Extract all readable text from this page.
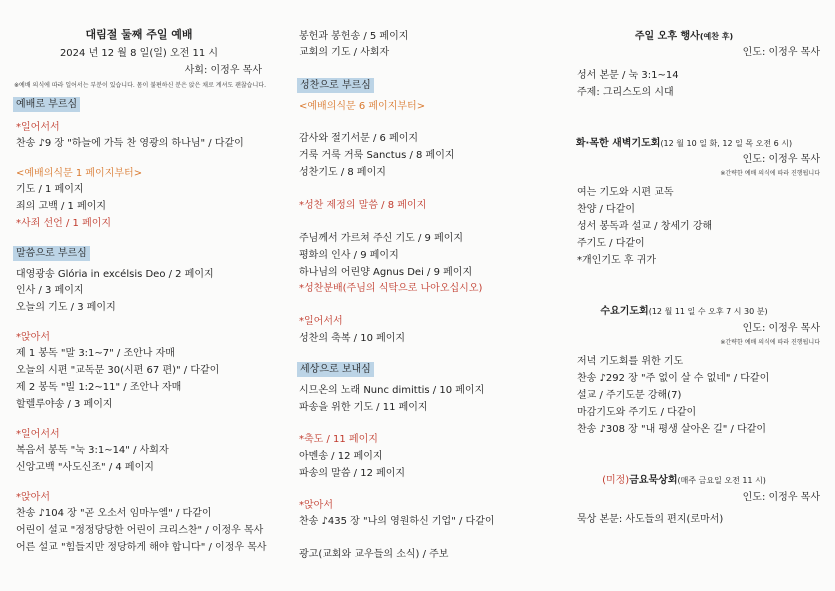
대림절 둘째 주일 예배
2024 년 12 월 8 일(일) 오전 11 시
사회: 이정우 목사
※예배 의식에 따라 일어서는 부분이 있습니다. 몸이 불편하신 분은 앉은 채로 계셔도 괜찮습니다.
예배로 부르심
*일어서서
찬송 ♪9 장 "하늘에 가득 찬 영광의 하나님" / 다같이
<예배의식문 1 페이지부터>
기도 / 1 페이지
죄의 고백 / 1 페이지
*사죄 선언 / 1 페이지
말씀으로 부르심
대영광송 Glória in excélsis Deo / 2 페이지
인사 / 3 페이지
오늘의 기도 / 3 페이지
*앉아서
제 1 봉독 "말 3:1~7" / 조안나 자매
오늘의 시편 "교독문 30(시편 67 편)" / 다같이
제 2 봉독 "빌 1:2~11" / 조안나 자매
할렐루야송 / 3 페이지
*일어서서
복음서 봉독 "눅 3:1~14" / 사회자
신앙고백 "사도신조" / 4 페이지
*앉아서
찬송 ♪104 장 "곧 오소서 임마누엘" / 다같이
어린이 설교 "정정당당한 어린이 크리스찬" / 이정우 목사
어른 설교 "힘들지만 정당하게 해야 합니다" / 이정우 목사
봉헌과 봉헌송 / 5 페이지
교회의 기도 / 사회자
성찬으로 부르심
<예배의식문 6 페이지부터>
감사와 절기서문 / 6 페이지
거룩 거룩 거룩 Sanctus / 8 페이지
성찬기도 / 8 페이지
*성찬 제정의 말씀 / 8 페이지
주님께서 가르쳐 주신 기도 / 9 페이지
평화의 인사 / 9 페이지
하나님의 어린양 Agnus Dei / 9 페이지
*성찬분배(주님의 식탁으로 나아오십시오)
*일어서서
성찬의 축복 / 10 페이지
세상으로 보내심
시므온의 노래 Nunc dimittis / 10 페이지
파송을 위한 기도 / 11 페이지
*축도 / 11 페이지
아멘송 / 12 페이지
파송의 말씀 / 12 페이지
*앉아서
찬송 ♪435 장 "나의 영원하신 기업" / 다같이
광고(교회와 교우들의 소식) / 주보
주일 오후 행사(예찬 후)
인도: 이정우 목사
성서 본문 / 눅 3:1~14
주제: 그리스도의 시대
화·목한 새벽기도회(12 월 10 일 화, 12 일 목 오전 6 시)
인도: 이정우 목사
※간략한 예배 의식에 따라 진행됩니다
여는 기도와 시편 교독
찬양 / 다같이
성서 봉독과 설교 / 창세기 강해
주기도 / 다같이
*개인기도 후 귀가
수요기도회(12 월 11 일 수 오후 7 시 30 분)
인도: 이정우 목사
※간략한 예배 의식에 따라 진행됩니다
저녁 기도회를 위한 기도
찬송 ♪292 장 "주 없이 살 수 없네" / 다같이
설교 / 주기도문 강해(7)
마감기도와 주기도 / 다같이
찬송 ♪308 장 "내 평생 살아온 길" / 다같이
(미정)금요묵상회(매주 금요일 오전 11 시)
인도: 이정우 목사
묵상 본문: 사도들의 편지(로마서)
